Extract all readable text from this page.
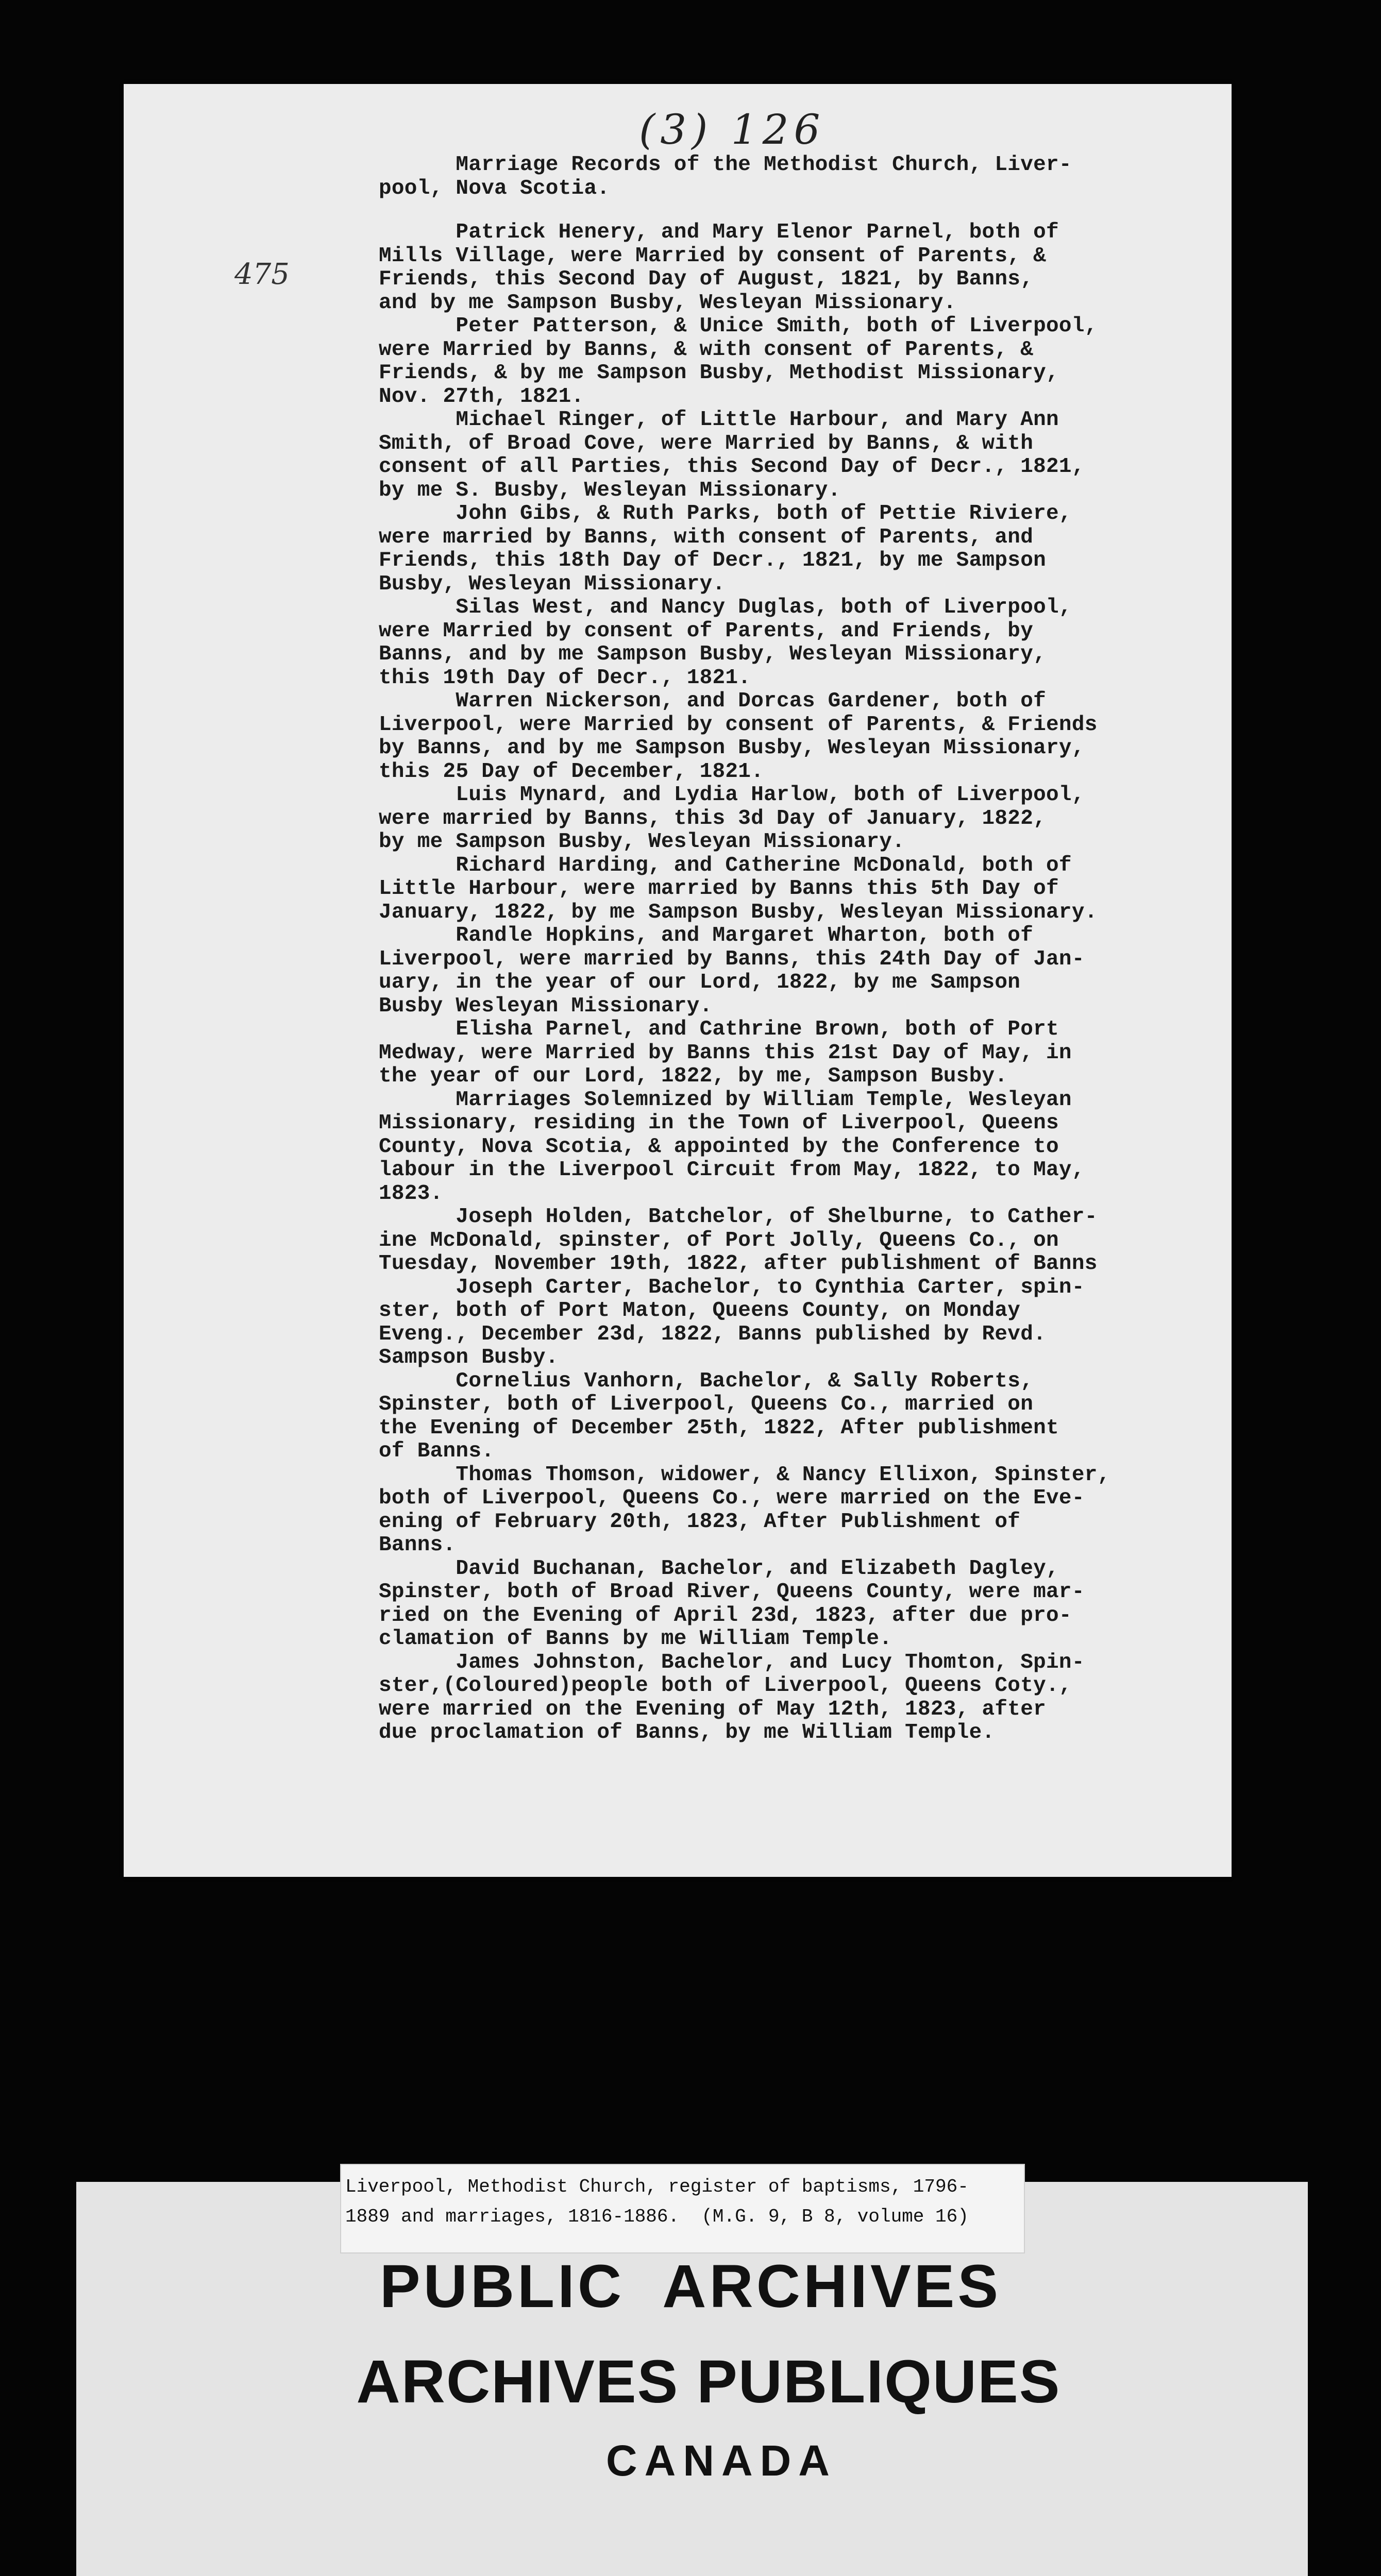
(3) 126
475
Marriage Records of the Methodist Church, Liver-
pool, Nova Scotia.
Patrick Henery, and Mary Elenor Parnel, both of
Mills Village, were Married by consent of Parents, &
Friends, this Second Day of August, 1821, by Banns,
and by me Sampson Busby, Wesleyan Missionary.
Peter Patterson, & Unice Smith, both of Liverpool,
were Married by Banns, & with consent of Parents, &
Friends, & by me Sampson Busby, Methodist Missionary,
Nov. 27th, 1821.
Michael Ringer, of Little Harbour, and Mary Ann
Smith, of Broad Cove, were Married by Banns, & with
consent of all Parties, this Second Day of Decr., 1821,
by me S. Busby, Wesleyan Missionary.
John Gibs, & Ruth Parks, both of Pettie Riviere,
were married by Banns, with consent of Parents, and
Friends, this 18th Day of Decr., 1821, by me Sampson
Busby, Wesleyan Missionary.
Silas West, and Nancy Duglas, both of Liverpool,
were Married by consent of Parents, and Friends, by
Banns, and by me Sampson Busby, Wesleyan Missionary,
this 19th Day of Decr., 1821.
Warren Nickerson, and Dorcas Gardener, both of
Liverpool, were Married by consent of Parents, & Friends
by Banns, and by me Sampson Busby, Wesleyan Missionary,
this 25 Day of December, 1821.
Luis Mynard, and Lydia Harlow, both of Liverpool,
were married by Banns, this 3d Day of January, 1822,
by me Sampson Busby, Wesleyan Missionary.
Richard Harding, and Catherine McDonald, both of
Little Harbour, were married by Banns this 5th Day of
January, 1822, by me Sampson Busby, Wesleyan Missionary.
Randle Hopkins, and Margaret Wharton, both of
Liverpool, were married by Banns, this 24th Day of Jan-
uary, in the year of our Lord, 1822, by me Sampson
Busby Wesleyan Missionary.
Elisha Parnel, and Cathrine Brown, both of Port
Medway, were Married by Banns this 21st Day of May, in
the year of our Lord, 1822, by me, Sampson Busby.
Marriages Solemnized by William Temple, Wesleyan
Missionary, residing in the Town of Liverpool, Queens
County, Nova Scotia, & appointed by the Conference to
labour in the Liverpool Circuit from May, 1822, to May,
1823.
Joseph Holden, Batchelor, of Shelburne, to Cather-
ine McDonald, spinster, of Port Jolly, Queens Co., on
Tuesday, November 19th, 1822, after publishment of Banns
Joseph Carter, Bachelor, to Cynthia Carter, spin-
ster, both of Port Maton, Queens County, on Monday
Eveng., December 23d, 1822, Banns published by Revd.
Sampson Busby.
Cornelius Vanhorn, Bachelor, & Sally Roberts,
Spinster, both of Liverpool, Queens Co., married on
the Evening of December 25th, 1822, After publishment
of Banns.
Thomas Thomson, widower, & Nancy Ellixon, Spinster,
both of Liverpool, Queens Co., were married on the Eve-
ening of February 20th, 1823, After Publishment of
Banns.
David Buchanan, Bachelor, and Elizabeth Dagley,
Spinster, both of Broad River, Queens County, were mar-
ried on the Evening of April 23d, 1823, after due pro-
clamation of Banns by me William Temple.
James Johnston, Bachelor, and Lucy Thomton, Spin-
ster,(Coloured)people both of Liverpool, Queens Coty.,
were married on the Evening of May 12th, 1823, after
due proclamation of Banns, by me William Temple.
Liverpool, Methodist Church, register of baptisms, 1796-
1889 and marriages, 1816-1886.  (M.G. 9, B 8, volume 16)
PUBLIC  ARCHIVES
ARCHIVES PUBLIQUES
CANADA
